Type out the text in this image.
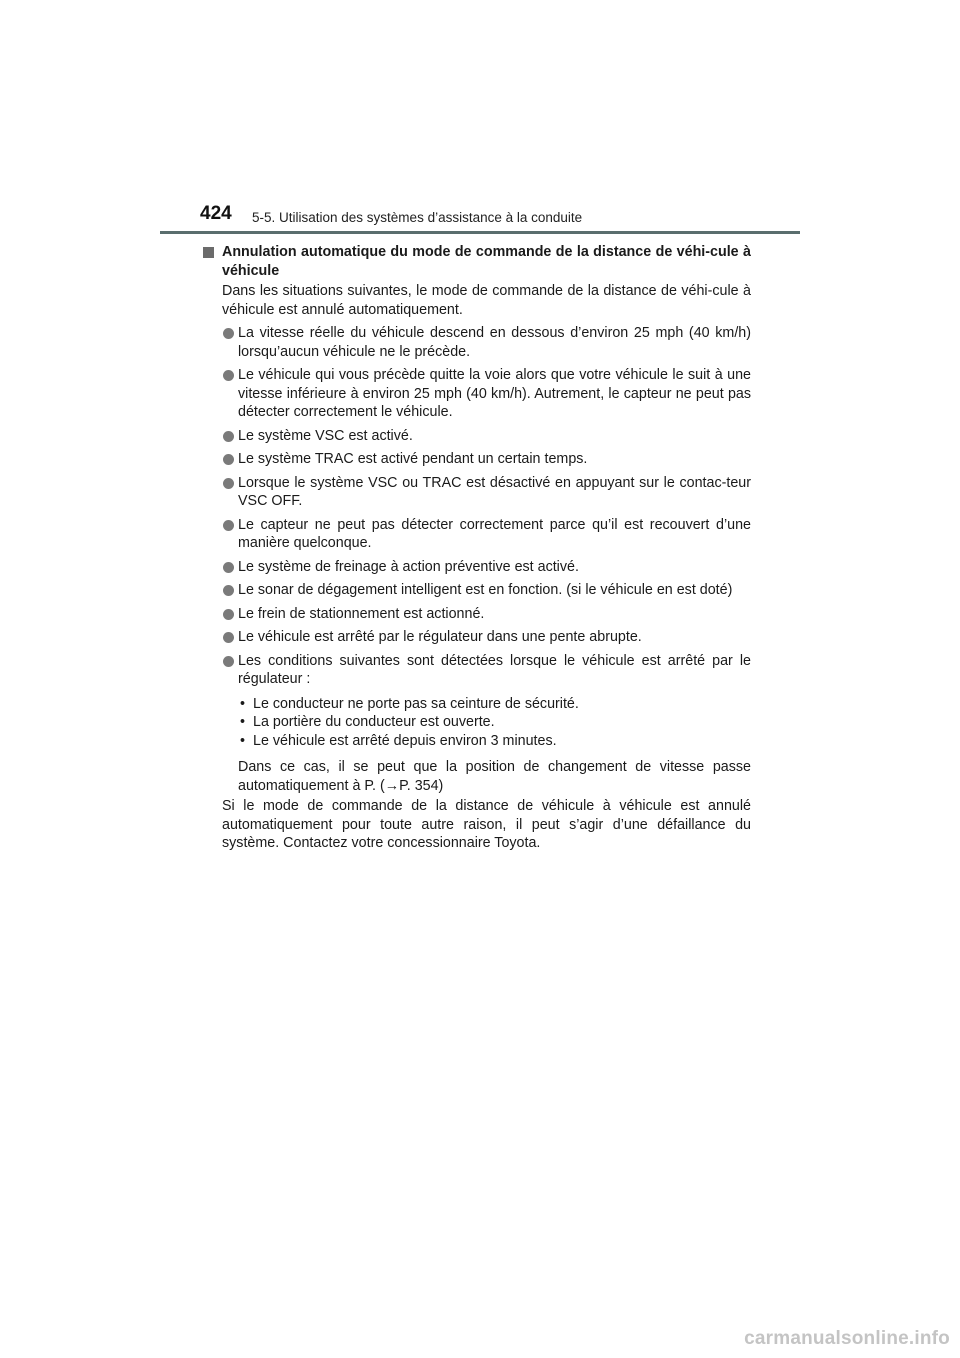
424 5-5. Utilisation des systèmes d’assistance à la conduite
Annulation automatique du mode de commande de la distance de véhi-cule à véhicule

Dans les situations suivantes, le mode de commande de la distance de véhi-cule à véhicule est annulé automatiquement.

La vitesse réelle du véhicule descend en dessous d’environ 25 mph (40 km/h) lorsqu’aucun véhicule ne le précède.
Le véhicule qui vous précède quitte la voie alors que votre véhicule le suit à une vitesse inférieure à environ 25 mph (40 km/h). Autrement, le capteur ne peut pas détecter correctement le véhicule.
Le système VSC est activé.
Le système TRAC est activé pendant un certain temps.
Lorsque le système VSC ou TRAC est désactivé en appuyant sur le contac-teur VSC OFF.
Le capteur ne peut pas détecter correctement parce qu’il est recouvert d’une manière quelconque.
Le système de freinage à action préventive est activé.
Le sonar de dégagement intelligent est en fonction. (si le véhicule en est doté)
Le frein de stationnement est actionné.
Le véhicule est arrêté par le régulateur dans une pente abrupte.
Les conditions suivantes sont détectées lorsque le véhicule est arrêté par le régulateur :
• Le conducteur ne porte pas sa ceinture de sécurité.
• La portière du conducteur est ouverte.
• Le véhicule est arrêté depuis environ 3 minutes.

Dans ce cas, il se peut que la position de changement de vitesse passe automatiquement à P. (→P. 354)

Si le mode de commande de la distance de véhicule à véhicule est annulé automatiquement pour toute autre raison, il peut s’agir d’une défaillance du système. Contactez votre concessionnaire Toyota.

carmanualsonline.info
